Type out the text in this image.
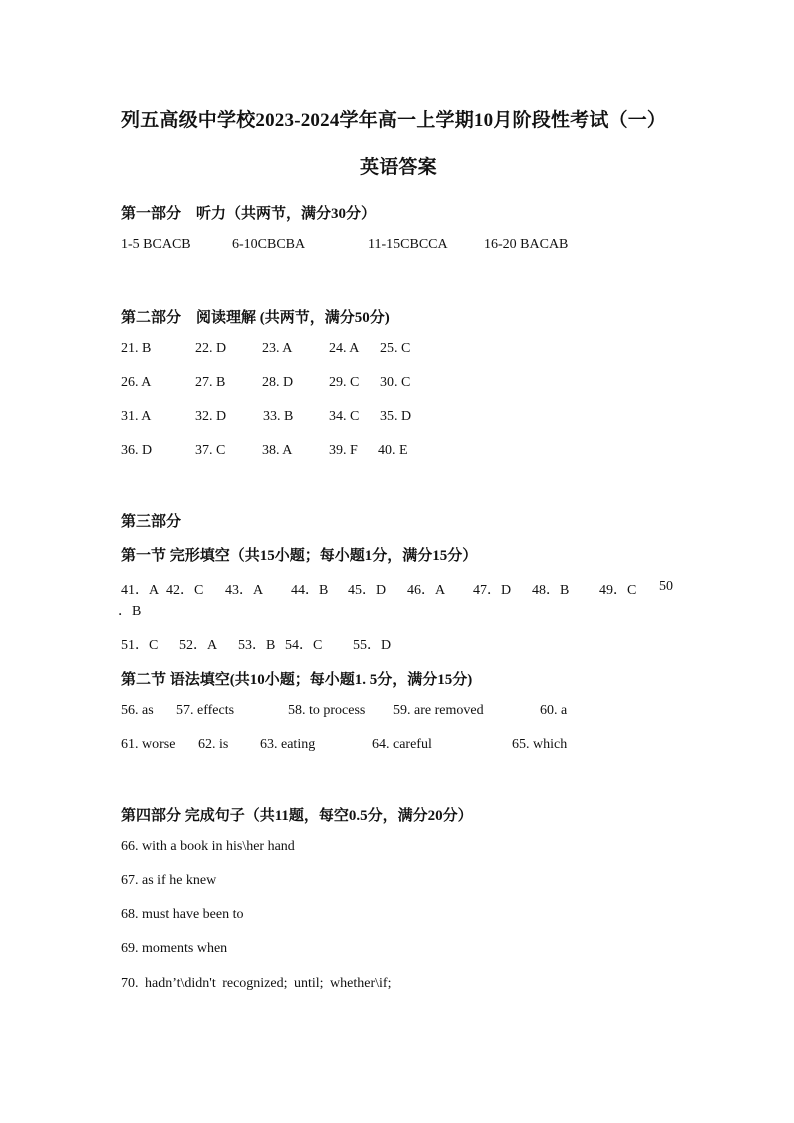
列五高级中学校2023-2024学年高一上学期10月阶段性考试（一）
英语答案
第一部分　听力（共两节，满分30分）
1-5 BCACB	6-10CBCBA	11-15CBCCA	16-20 BACAB
第二部分　阅读理解 (共两节，满分50分)
21. B	22. D	23. A	24. A 25. C
26. A	27. B	28. D	29. C 30. C
31. A	32. D	33. B	34. C 35. D
36. D	37. C	38. A	39. F 40. E
第三部分
第一节 完形填空（共15小题；每小题1分，满分15分）
41．A 42．C 43．A 44．B 45．D 46．A 47．D 48．B 49．C 50
．B
51．C 52．A 53．B 54．C 55．D
第二节 语法填空(共10小题；每小题1. 5分，满分15分)
56. as 57. effects	58. to process 59. are removed	60. a
61. worse 62. is 63. eating	64. careful	65. which
第四部分 完成句子（共11题，每空0.5分，满分20分）
66. with a book in his\her hand
67. as if he knew
68. must have been to
69. moments when
70. hadn’t\didn't recognized; until; whether\if;
